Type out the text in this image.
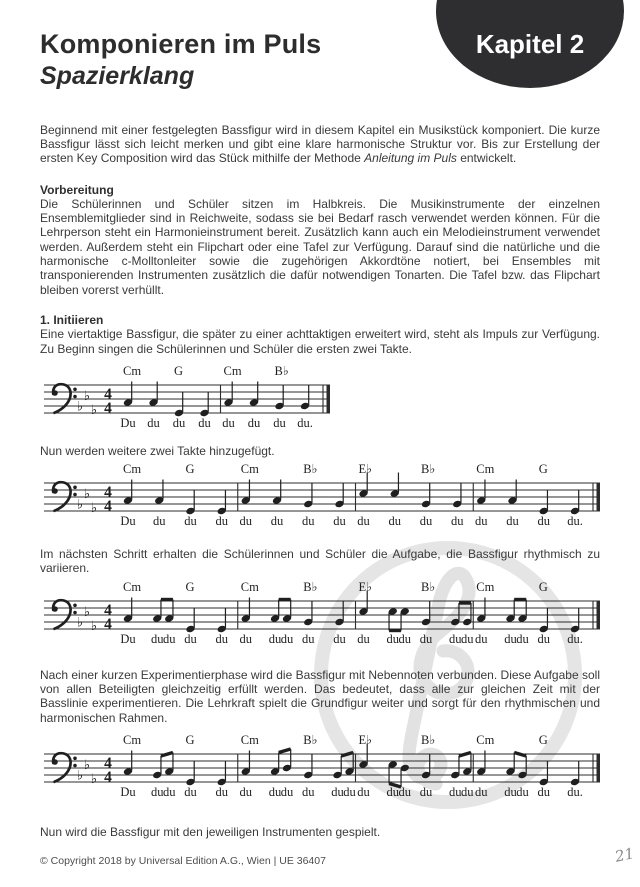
Kapitel 2
Komponieren im Puls
Spazierklang

Beginnend mit einer festgelegten Bassfigur wird in diesem Kapitel ein Musikstück komponiert. Die kurze Bassfigur lässt sich leicht merken und gibt eine klare harmonische Struktur vor. Bis zur Erstellung der ersten Key Composition wird das Stück mithilfe der Methode Anleitung im Puls entwickelt.

Vorbereitung

Die Schülerinnen und Schüler sitzen im Halbkreis. Die Musikinstrumente der einzelnen Ensemblemitglieder sind in Reichweite, sodass sie bei Bedarf rasch verwendet werden können. Für die Lehrperson steht ein Harmonieinstrument bereit. Zusätzlich kann auch ein Melodieinstrument verwendet werden. Außerdem steht ein Flipchart oder eine Tafel zur Verfügung. Darauf sind die natürliche und die harmonische c-Molltonleiter sowie die zugehörigen Akkordtöne notiert, bei Ensembles mit transponierenden Instrumenten zusätzlich die dafür notwendigen Tonarten. Die Tafel bzw. das Flipchart bleiben vorerst verhüllt.

1. Initiieren

Eine viertaktige Bassfigur, die später zu einer achttaktigen erweitert wird, steht als Impuls zur Verfügung. Zu Beginn singen die Schülerinnen und Schüler die ersten zwei Takte.

♭
♭
♭
4
4
Cm	G
Du du du du
Cm	B♭
du du du du.

Nun werden weitere zwei Takte hinzugefügt.

♭
♭
♭
4
4
Cm	G
Du du du du
Cm	B♭
du du du du
E♭	B♭
du du du du
Cm	G
du du du du.

Im nächsten Schritt erhalten die Schülerinnen und Schüler die Aufgabe, die Bassfigur rhythmisch zu variieren.

♭
♭
♭
4
4
Cm	G
Du du du du du
Cm	B♭
du du du du du
E♭	B♭
du du du du du du
Cm	G
du du du du du.

Nach einer kurzen Experimentierphase wird die Bassfigur mit Nebennoten verbunden. Diese Aufgabe soll von allen Beteiligten gleichzeitig erfüllt werden. Das bedeutet, dass alle zur gleichen Zeit mit der Basslinie experimentieren. Die Lehrkraft spielt die Grundfigur weiter und sorgt für den rhythmischen und harmonischen Rahmen.

♭
♭
♭
4
4
Cm	G
Du du du du du
Cm	B♭
du du du du du du
E♭	B♭
du du du du du du
Cm	G
du du du du du.

Nun wird die Bassfigur mit den jeweiligen Instrumenten gespielt.

© Copyright 2018 by Universal Edition A.G., Wien | UE 36407	21
